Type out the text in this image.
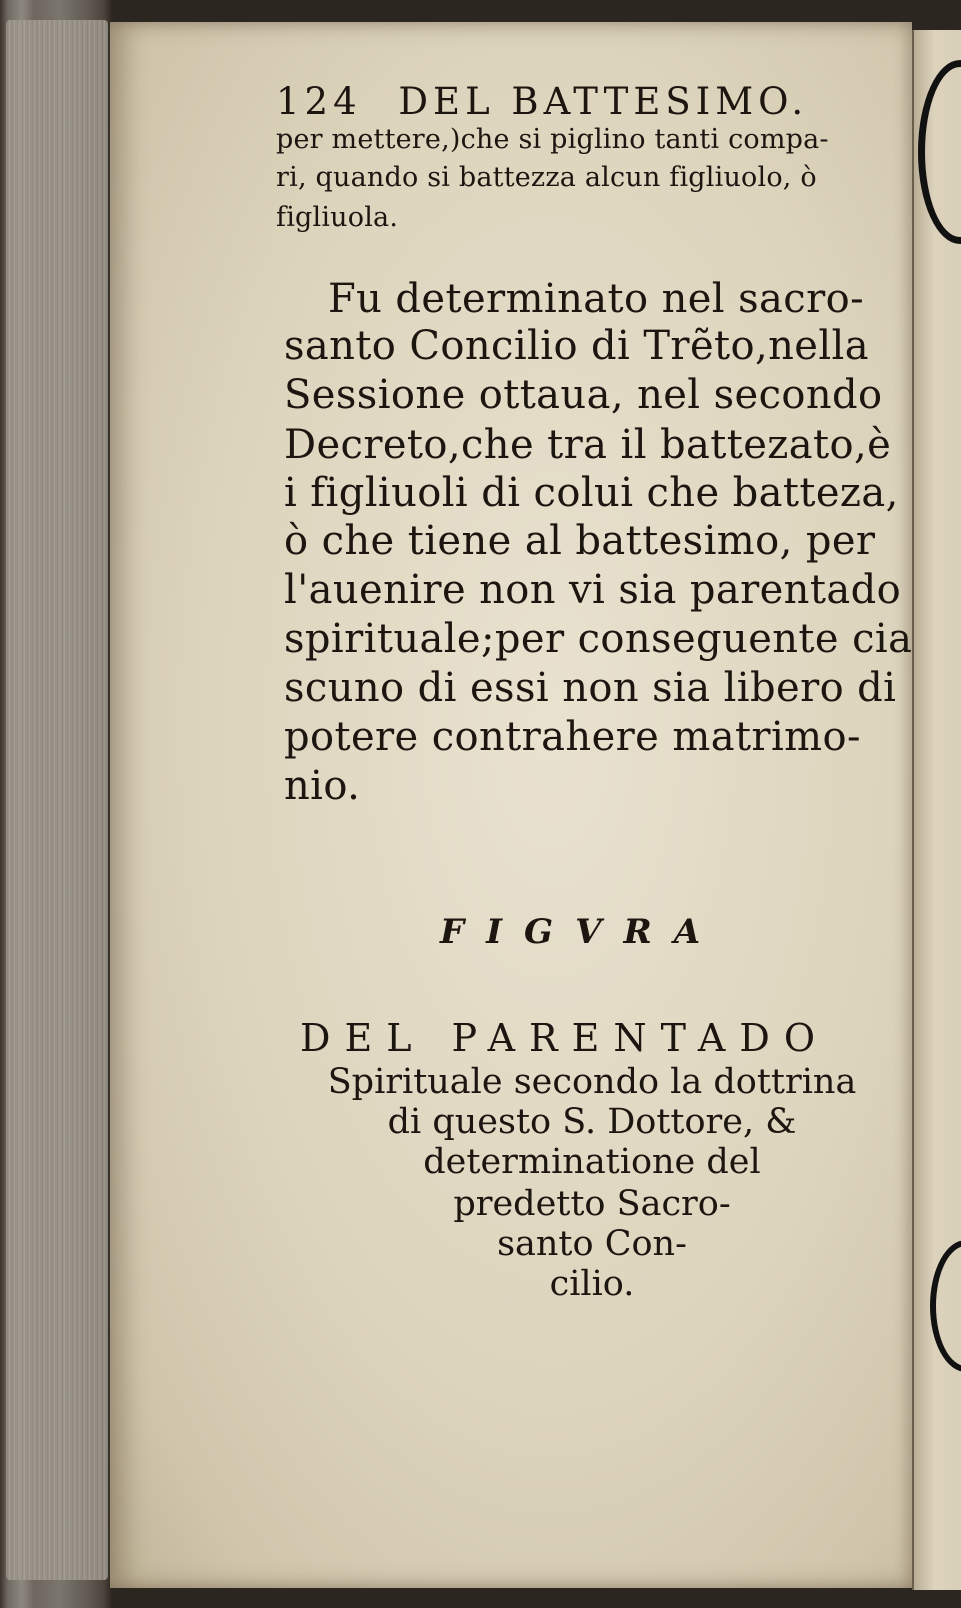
124 DEL BATTESIMO.
per mettere,)che si piglino tanti compa-
ri, quando si battezza alcun figliuolo, ò
figliuola.
Fu determinato nel sacro-
santo Concilio di Trẽto,nella
Sessione ottaua, nel secondo
Decreto,che tra il battezato,è
i figliuoli di colui che batteza,
ò che tiene al battesimo, per
l'auenire non vi sia parentado
spirituale;per conseguente cia
scuno di essi non sia libero di
potere contrahere matrimo-
nio.
FIGVRA
DEL PARENTADO
Spirituale secondo la dottrina
di questo S. Dottore, &
determinatione del
predetto Sacro-
santo Con-
cilio.
